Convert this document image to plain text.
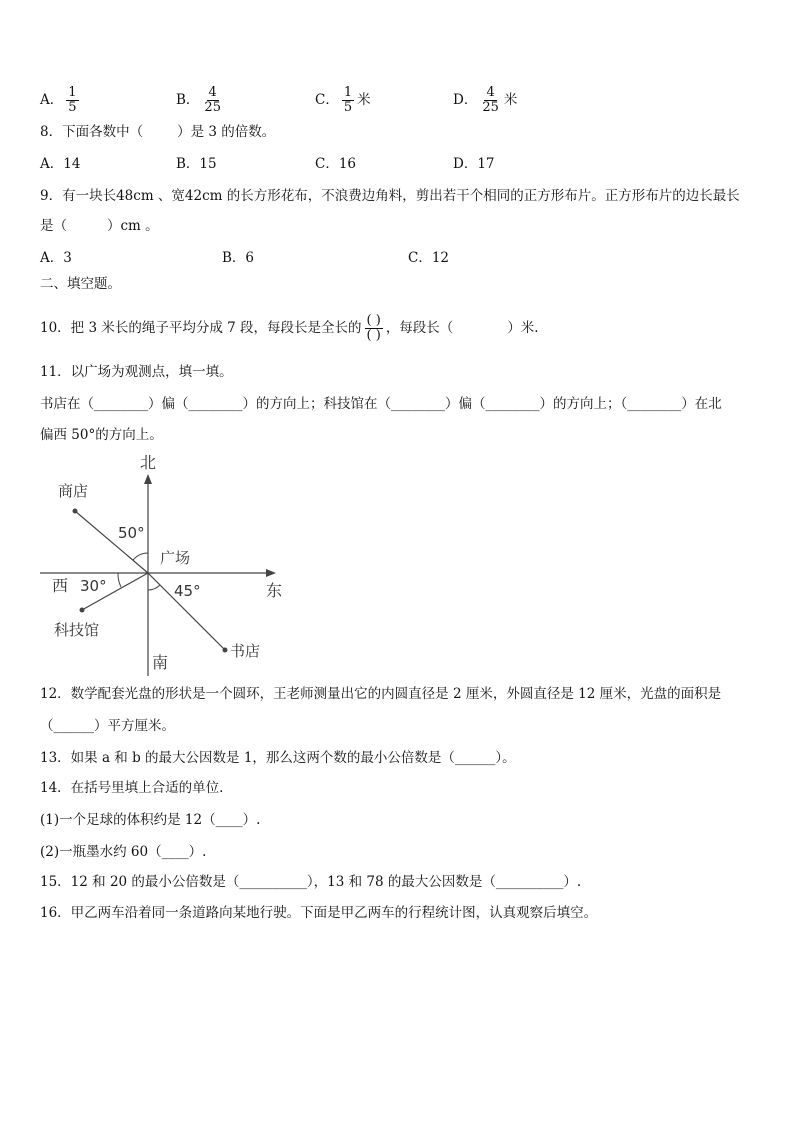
A． $\frac{1}{5}$	B． $\frac{4}{25}$	C． $\frac{1}{5}$ 米	D． $\frac{4}{25}$ 米
8．下面各数中（	）是 3 的倍数。
A．14	B．15	C．16	D．17
9．有一块长48cm 、宽42cm 的长方形花布，不浪费边角料，剪出若干个相同的正方形布片。正方形布片的边长最长
是（	）cm 。
A．3	B．6	C．12
二、填空题。
10．把 3 米长的绳子平均分成 7 段，每段长是全长的 $\frac{( )}{( )}$ ，每段长（	）米.
11．以广场为观测点，填一填。
书店在（________）偏（________）的方向上；科技馆在（________）偏（________）的方向上；（________）在北
偏西 50°的方向上。
北
南
东
西
广场
商店
科技馆
书店
50°
30°	45°
12．数学配套光盘的形状是一个圆环，王老师测量出它的内圆直径是 2 厘米，外圆直径是 12 厘米，光盘的面积是
（______）平方厘米。
13．如果 a 和 b 的最大公因数是 1，那么这两个数的最小公倍数是（______）。
14．在括号里填上合适的单位.
(1)一个足球的体积约是 12（____）.
(2)一瓶墨水约 60（____）.
15．12 和 20 的最小公倍数是（__________），13 和 78 的最大公因数是（__________）.
16．甲乙两车沿着同一条道路向某地行驶。下面是甲乙两车的行程统计图，认真观察后填空。
